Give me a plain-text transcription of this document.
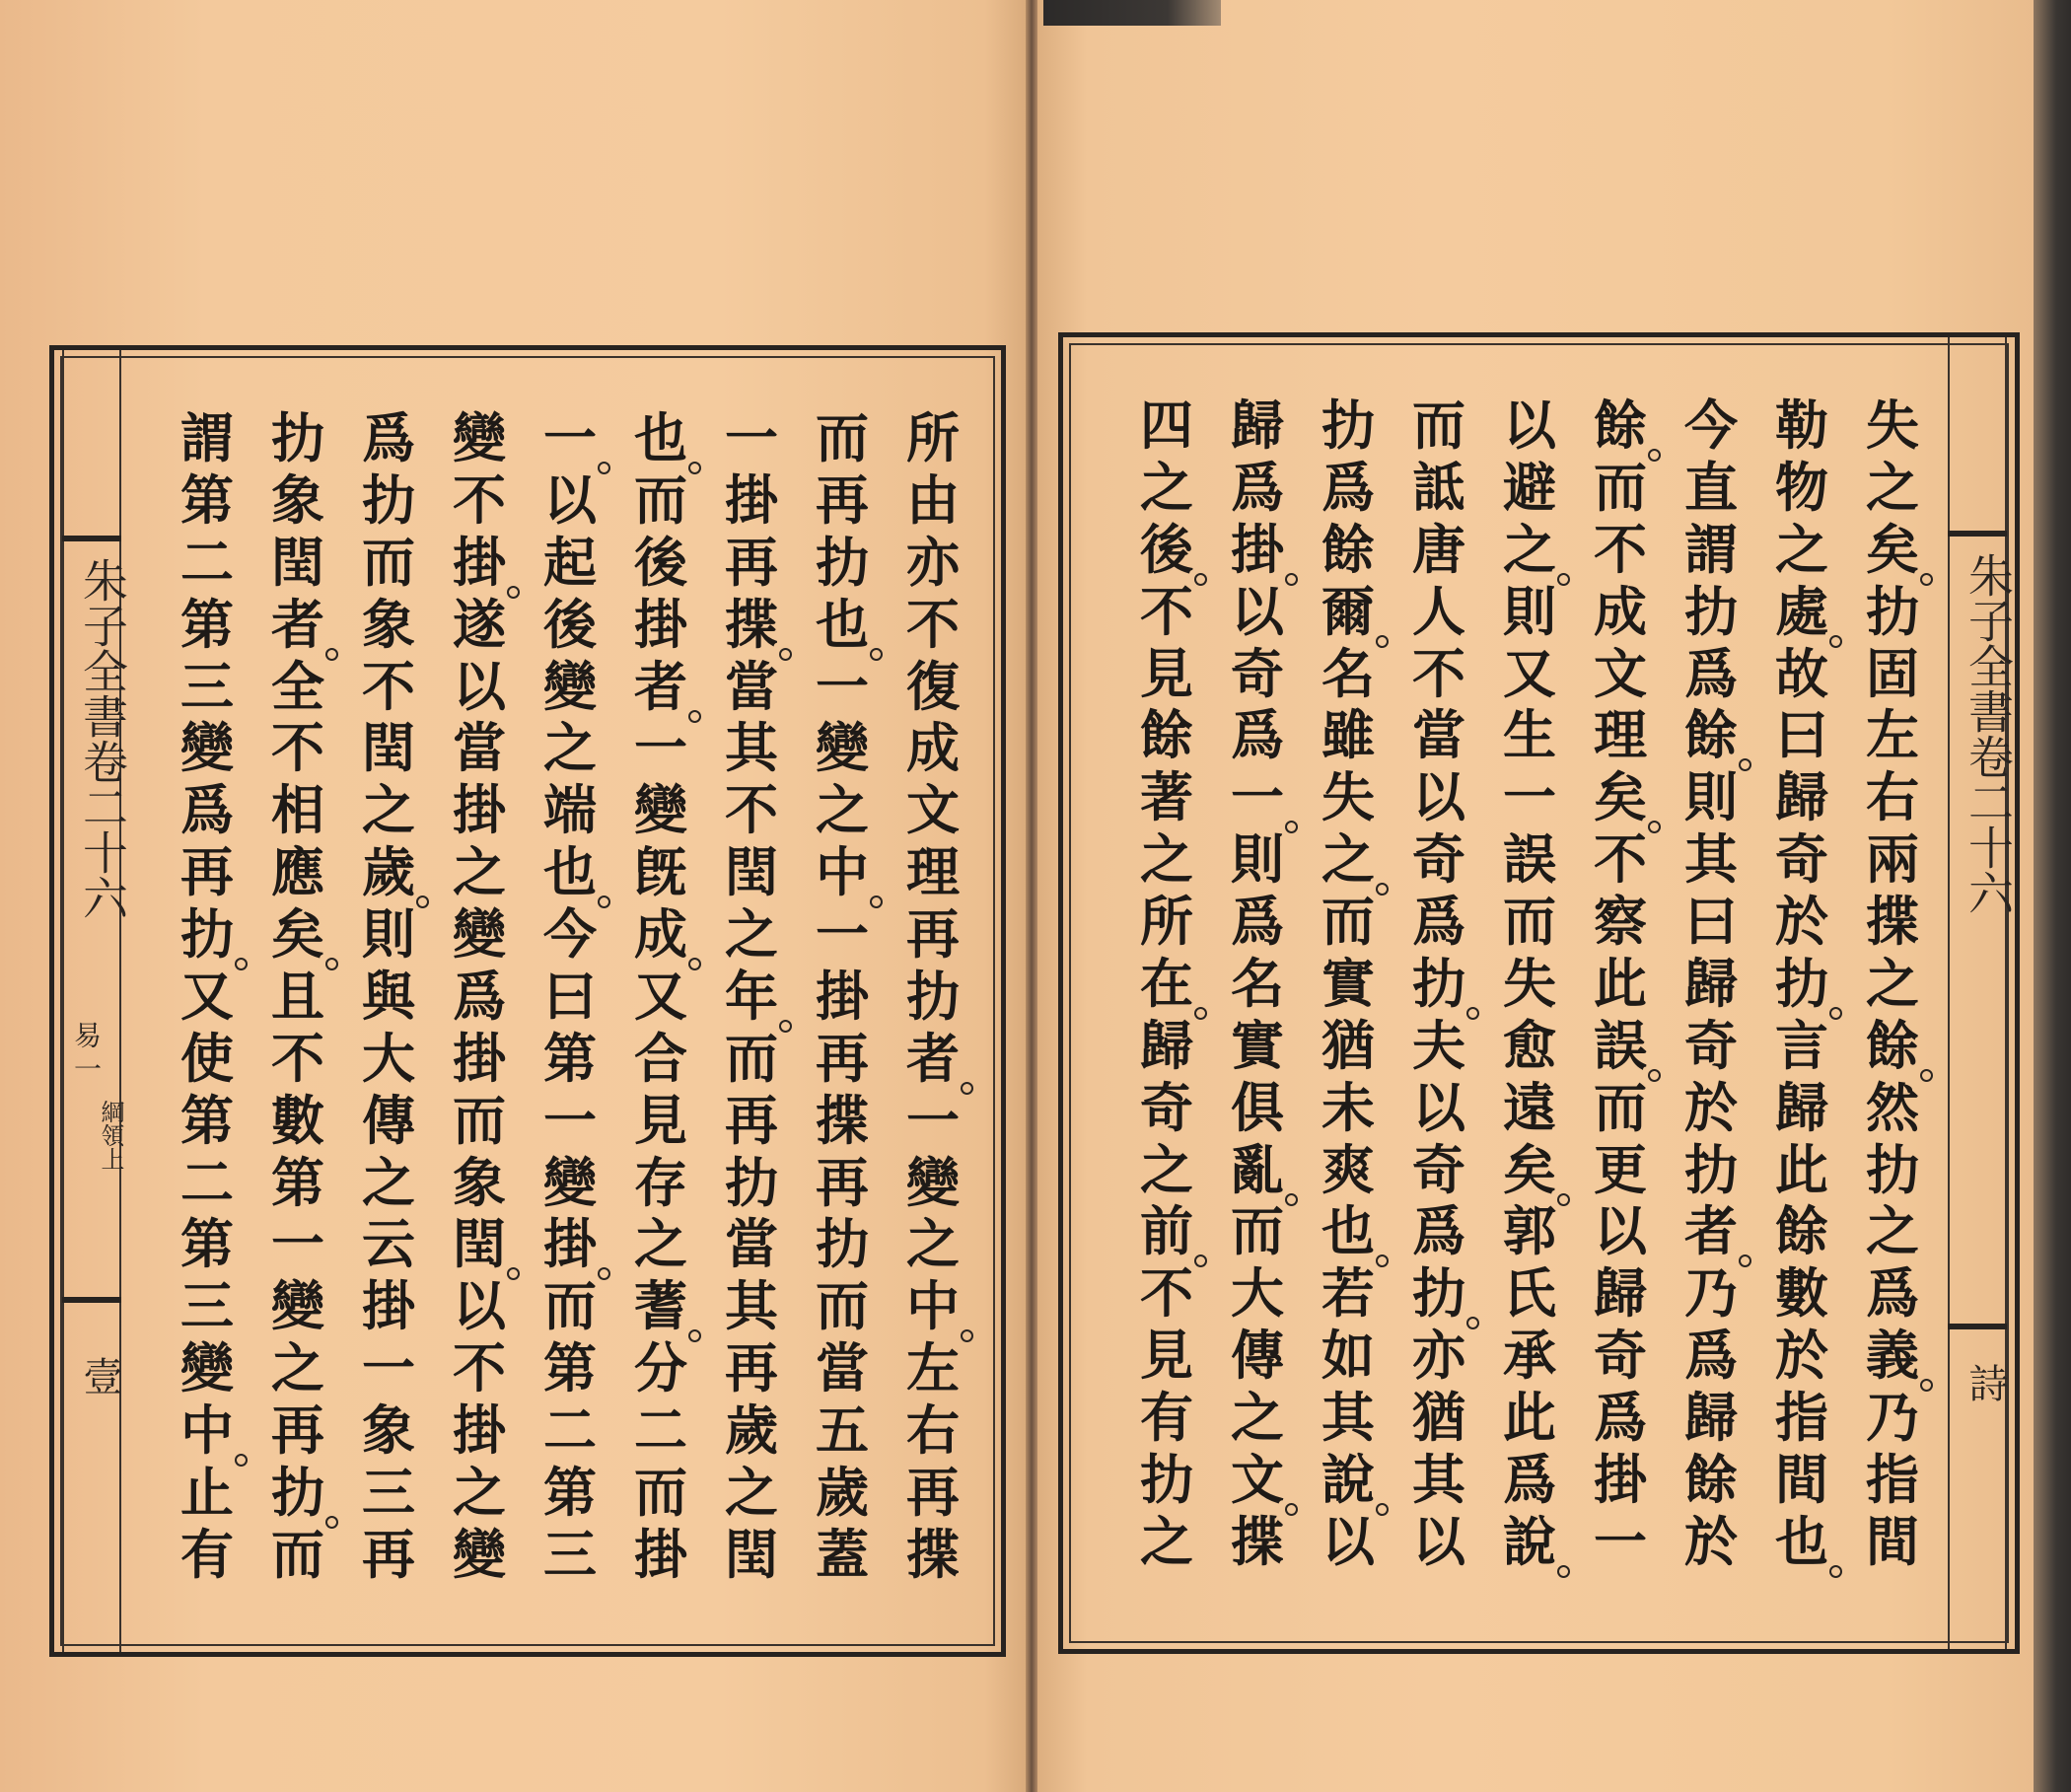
朱子全書卷二十六
易一
綱領上
壹
所
由
亦
不
復
成
文
理
再
扐
者
一
變
之
中
左
右
再
揲
而
再
扐
也
一
變
之
中
一
掛
再
揲
再
扐
而
當
五
歲
蓋
一
掛
再
揲
當
其
不
閏
之
年
而
再
扐
當
其
再
歲
之
閏
也
而
後
掛
者
一
變
旣
成
又
合
見
存
之
蓍
分
二
而
掛
一
以
起
後
變
之
端
也
今
曰
第
一
變
掛
而
第
二
第
三
變
不
掛
遂
以
當
掛
之
變
爲
掛
而
象
閏
以
不
掛
之
變
爲
扐
而
象
不
閏
之
歲
則
與
大
傳
之
云
掛
一
象
三
再
扐
象
閏
者
全
不
相
應
矣
且
不
數
第
一
變
之
再
扐
而
謂
第
二
第
三
變
爲
再
扐
又
使
第
二
第
三
變
中
止
有
朱子全書卷二十六
詩
失
之
矣
扐
固
左
右
兩
揲
之
餘
然
扐
之
爲
義
乃
指
間
勒
物
之
處
故
曰
歸
奇
於
扐
言
歸
此
餘
數
於
指
間
也
今
直
謂
扐
爲
餘
則
其
曰
歸
奇
於
扐
者
乃
爲
歸
餘
於
餘
而
不
成
文
理
矣
不
察
此
誤
而
更
以
歸
奇
爲
掛
一
以
避
之
則
又
生
一
誤
而
失
愈
遠
矣
郭
氏
承
此
爲
說
而
詆
唐
人
不
當
以
奇
爲
扐
夫
以
奇
爲
扐
亦
猶
其
以
扐
爲
餘
爾
名
雖
失
之
而
實
猶
未
爽
也
若
如
其
說
以
歸
爲
掛
以
奇
爲
一
則
爲
名
實
俱
亂
而
大
傳
之
文
揲
四
之
後
不
見
餘
著
之
所
在
歸
奇
之
前
不
見
有
扐
之
